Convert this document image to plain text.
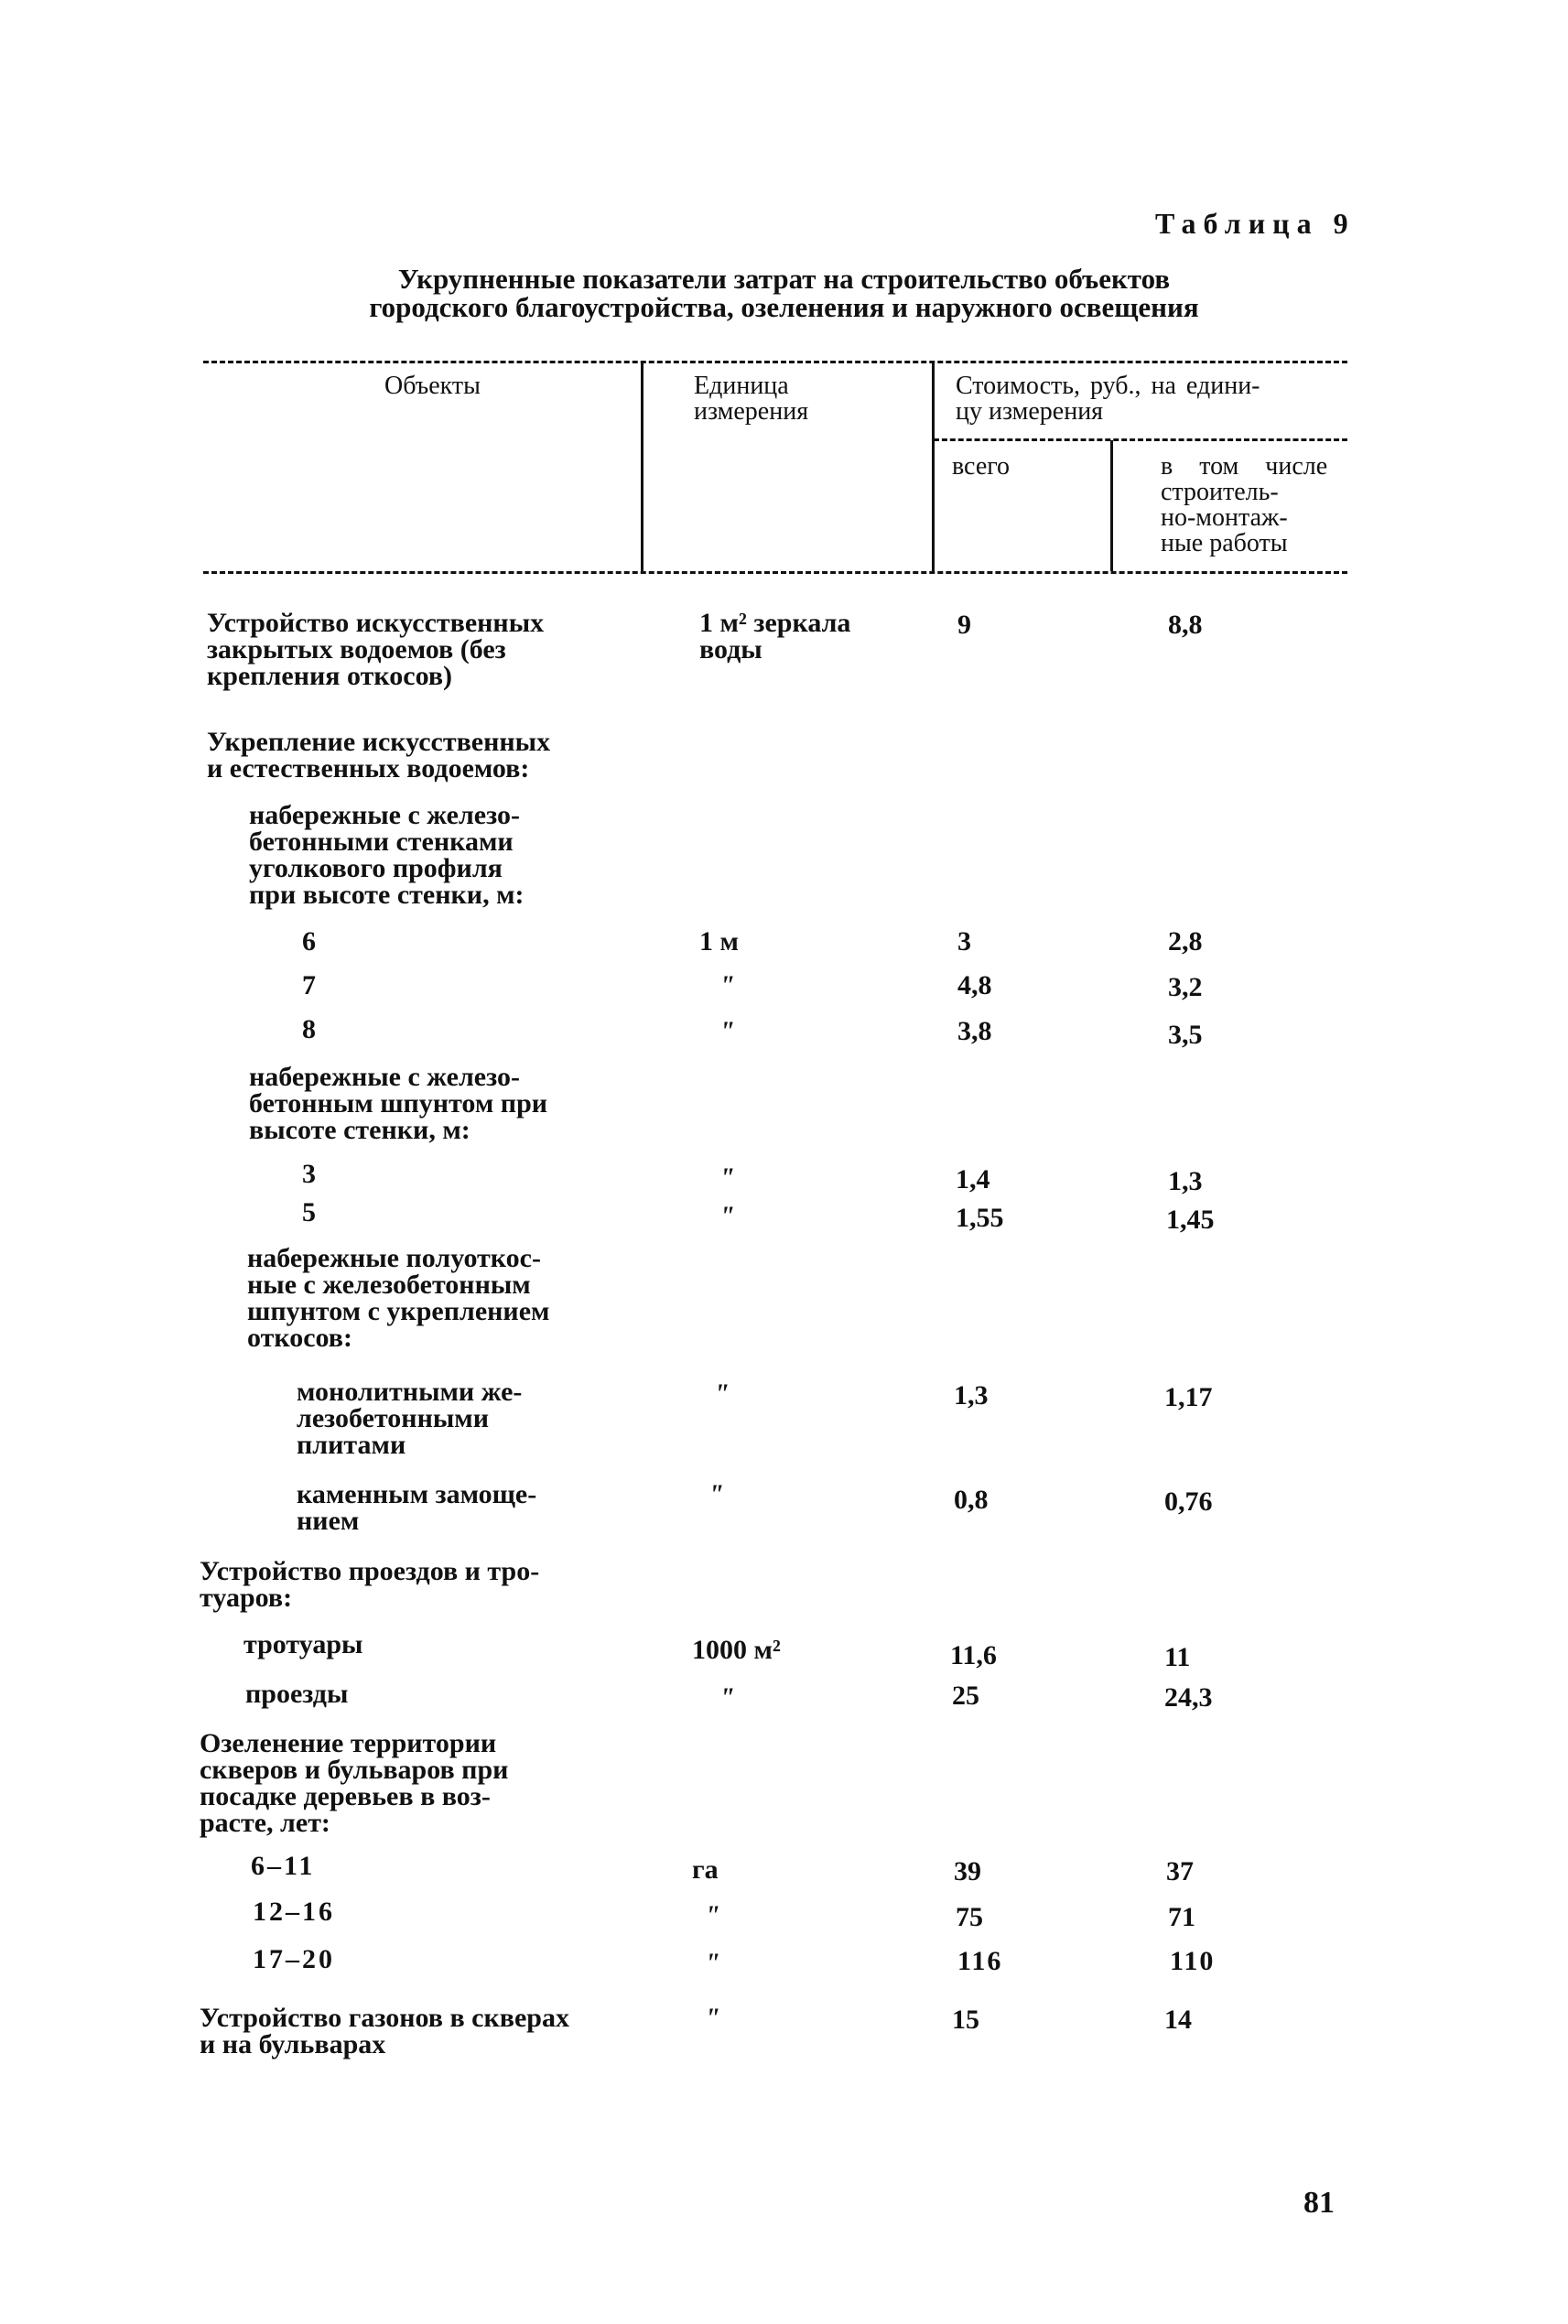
Таблица 9
Укрупненные показатели затрат на строительство объектов
городского благоустройства, озеленения и наружного освещения
Объекты	Единица
измерения
Стоимость, руб., на едини-
цу измерения
всего	в том числе
строитель-
но-монтаж-
ные работы
Устройство искусственных
закрытых водоемов (без
крепления откосов)
1 м² зеркала
воды
9	8,8
Укрепление искусственных
и естественных водоемов:
набережные с железо-
бетонными стенками
уголкового профиля
при высоте стенки, м:
6	1 м	3	2,8
7	"	4,8	3,2
8	"	3,8	3,5
набережные с железо-
бетонным шпунтом при
высоте стенки, м:
3	"	1,4	1,3
5	"	1,55	1,45
набережные полуоткос-
ные с железобетонным
шпунтом с укреплением
откосов:
монолитными же-
лезобетонными
плитами
"	1,3	1,17
каменным замоще-
нием
"	0,8	0,76
Устройство проездов и тро-
туаров:
тротуары	1000 м²	11,6	11
проезды	"	25	24,3
Озеленение территории
скверов и бульваров при
посадке деревьев в воз-
расте, лет:
6–11	га	39	37
12–16	"	75	71
17–20	"	116	110
Устройство газонов в скверах
и на бульварах
"	15	14
81
